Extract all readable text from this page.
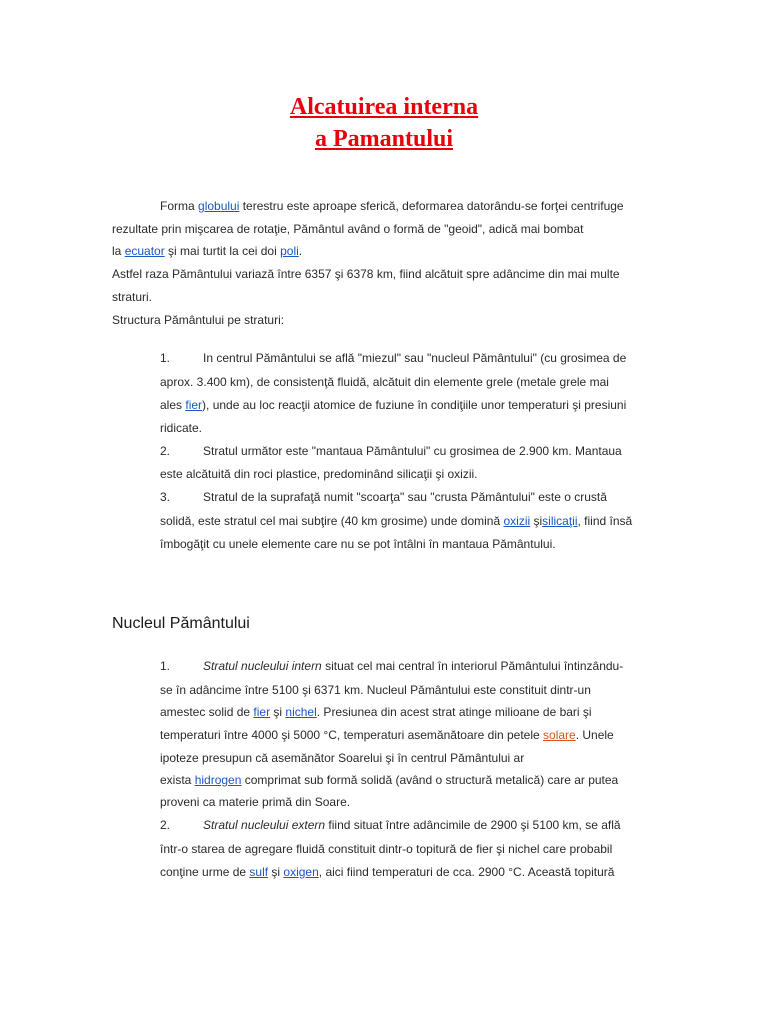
Alcatuirea interna
a Pamantului
Forma globului terestru este aproape sferică, deformarea datorându-se forţei centrifuge
rezultate prin mişcarea de rotaţie, Pământul având o formă de "geoid", adică mai bombat
la ecuator şi mai turtit la cei doi poli.
Astfel raza Pământului variază între 6357 şi 6378 km, fiind alcătuit spre adâncime din mai multe
straturi.
Structura Pământului pe straturi:
1.	In centrul Pământului se află "miezul" sau "nucleul Pământului" (cu grosimea de
aprox. 3.400 km), de consistenţă fluidă, alcătuit din elemente grele (metale grele mai
ales fier), unde au loc reacţii atomice de fuziune în condiţiile unor temperaturi şi presiuni
ridicate.
2.	Stratul următor este "mantaua Pământului" cu grosimea de 2.900 km. Mantaua
este alcătuită din roci plastice, predominând silicaţii şi oxizii.
3.	Stratul de la suprafaţă numit "scoarţa" sau "crusta Pământului" este o crustă
solidă, este stratul cel mai subţire (40 km grosime) unde domină oxizii şisilicaţii, fiind însă
îmbogăţit cu unele elemente care nu se pot întâlni în mantaua Pământului.
Nucleul Pământului
1.	Stratul nucleului intern situat cel mai central în interiorul Pământului întinzându-
se în adâncime între 5100 şi 6371 km. Nucleul Pământului este constituit dintr-un
amestec solid de fier şi nichel. Presiunea din acest strat atinge milioane de bari şi
temperaturi între 4000 şi 5000 °C, temperaturi asemănătoare din petele solare. Unele
ipoteze presupun că asemănător Soarelui şi în centrul Pământului ar
exista hidrogen comprimat sub formă solidă (având o structură metalică) care ar putea
proveni ca materie primă din Soare.
2.	Stratul nucleului extern fiind situat între adâncimile de 2900 şi 5100 km, se află
într-o starea de agregare fluidă constituit dintr-o topitură de fier şi nichel care probabil
conţine urme de sulf şi oxigen, aici fiind temperaturi de cca. 2900 °C. Această topitură
